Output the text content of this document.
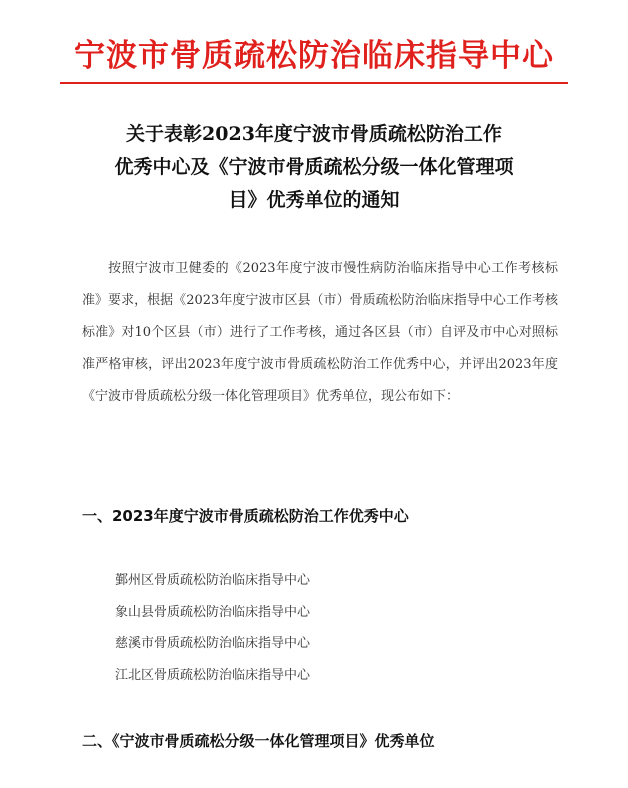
宁波市骨质疏松防治临床指导中心
关于表彰2023年度宁波市骨质疏松防治工作
优秀中心及《宁波市骨质疏松分级一体化管理项
目》优秀单位的通知
按照宁波市卫健委的《2023年度宁波市慢性病防治临床指导中心工作考核标准》要求，根据《2023年度宁波市区县（市）骨质疏松防治临床指导中心工作考核标准》对10个区县（市）进行了工作考核，通过各区县（市）自评及市中心对照标准严格审核，评出2023年度宁波市骨质疏松防治工作优秀中心，并评出2023年度《宁波市骨质疏松分级一体化管理项目》优秀单位，现公布如下：
一、2023年度宁波市骨质疏松防治工作优秀中心
鄞州区骨质疏松防治临床指导中心
象山县骨质疏松防治临床指导中心
慈溪市骨质疏松防治临床指导中心
江北区骨质疏松防治临床指导中心
二、《宁波市骨质疏松分级一体化管理项目》优秀单位
